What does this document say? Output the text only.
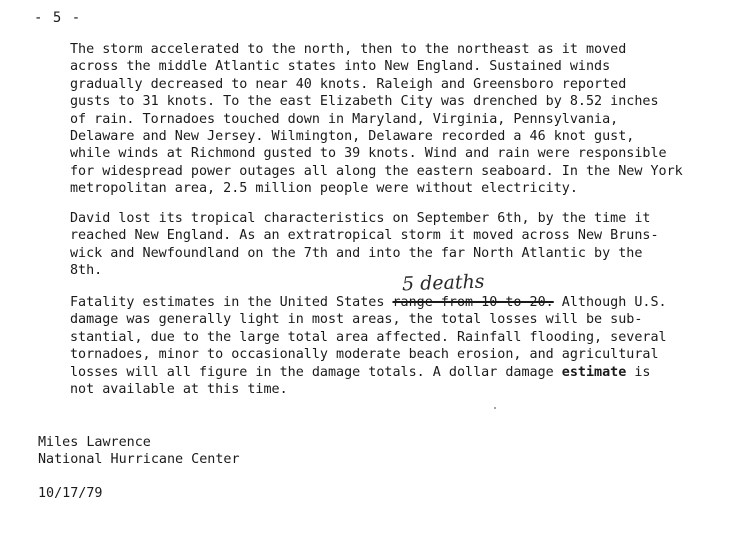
- 5 -
The storm accelerated to the north, then to the northeast as it moved
across the middle Atlantic states into New England. Sustained winds
gradually decreased to near 40 knots. Raleigh and Greensboro reported
gusts to 31 knots. To the east Elizabeth City was drenched by 8.52 inches
of rain. Tornadoes touched down in Maryland, Virginia, Pennsylvania,
Delaware and New Jersey. Wilmington, Delaware recorded a 46 knot gust,
while winds at Richmond gusted to 39 knots. Wind and rain were responsible
for widespread power outages all along the eastern seaboard. In the New York
metropolitan area, 2.5 million people were without electricity.
David lost its tropical characteristics on September 6th, by the time it
reached New England. As an extratropical storm it moved across New Bruns-
wick and Newfoundland on the 7th and into the far North Atlantic by the
8th.	5 deaths
Fatality estimates in the United States range from 10 to 20. Although U.S.
damage was generally light in most areas, the total losses will be sub-
stantial, due to the large total area affected. Rainfall flooding, several
tornadoes, minor to occasionally moderate beach erosion, and agricultural
losses will all figure in the damage totals. A dollar damage estimate is
not available at this time.
Miles Lawrence
National Hurricane Center
10/17/79
